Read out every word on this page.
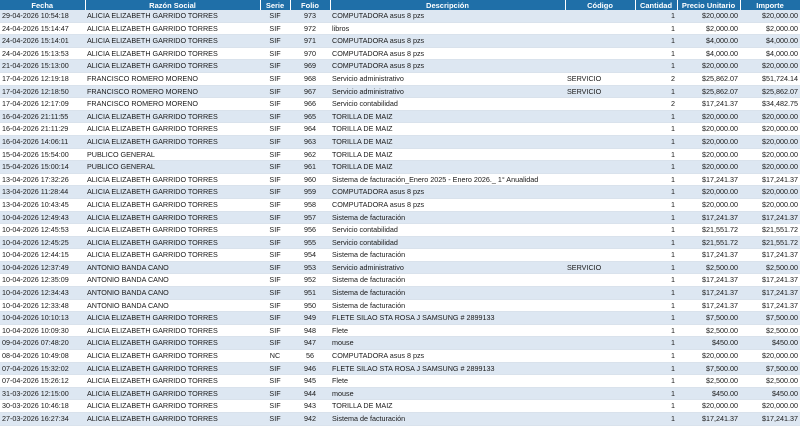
Fecha	Razón Social	Serie	Folio	Descripción	Código	Cantidad	Precio Unitario	Importe
29-04-2026 10:54:18	ALICIA ELIZABETH GARRIDO TORRES	SIF	973	COMPUTADORA asus 8 pzs		1	$20,000.00	$20,000.00
24-04-2026 15:14:47	ALICIA ELIZABETH GARRIDO TORRES	SIF	972	libros		1	$2,000.00	$2,000.00
24-04-2026 15:14:01	ALICIA ELIZABETH GARRIDO TORRES	SIF	971	COMPUTADORA asus 8 pzs		1	$4,000.00	$4,000.00
24-04-2026 15:13:53	ALICIA ELIZABETH GARRIDO TORRES	SIF	970	COMPUTADORA asus 8 pzs		1	$4,000.00	$4,000.00
21-04-2026 15:13:00	ALICIA ELIZABETH GARRIDO TORRES	SIF	969	COMPUTADORA asus 8 pzs		1	$20,000.00	$20,000.00
17-04-2026 12:19:18	FRANCISCO ROMERO MORENO	SIF	968	Servicio administrativo	SERVICIO	2	$25,862.07	$51,724.14
17-04-2026 12:18:50	FRANCISCO ROMERO MORENO	SIF	967	Servicio administrativo	SERVICIO	1	$25,862.07	$25,862.07
17-04-2026 12:17:09	FRANCISCO ROMERO MORENO	SIF	966	Servicio contabilidad		2	$17,241.37	$34,482.75
16-04-2026 21:11:55	ALICIA ELIZABETH GARRIDO TORRES	SIF	965	TORILLA DE MAIZ		1	$20,000.00	$20,000.00
16-04-2026 21:11:29	ALICIA ELIZABETH GARRIDO TORRES	SIF	964	TORILLA DE MAIZ		1	$20,000.00	$20,000.00
16-04-2026 14:06:11	ALICIA ELIZABETH GARRIDO TORRES	SIF	963	TORILLA DE MAIZ		1	$20,000.00	$20,000.00
15-04-2026 15:54:00	PUBLICO GENERAL	SIF	962	TORILLA DE MAIZ		1	$20,000.00	$20,000.00
15-04-2026 15:00:14	PUBLICO GENERAL	SIF	961	TORILLA DE MAIZ		1	$20,000.00	$20,000.00
13-04-2026 17:32:26	ALICIA ELIZABETH GARRIDO TORRES	SIF	960	Sistema de facturación_Enero 2025 - Enero 2026._ 1° Anualidad		1	$17,241.37	$17,241.37
13-04-2026 11:28:44	ALICIA ELIZABETH GARRIDO TORRES	SIF	959	COMPUTADORA asus 8 pzs		1	$20,000.00	$20,000.00
13-04-2026 10:43:45	ALICIA ELIZABETH GARRIDO TORRES	SIF	958	COMPUTADORA asus 8 pzs		1	$20,000.00	$20,000.00
10-04-2026 12:49:43	ALICIA ELIZABETH GARRIDO TORRES	SIF	957	Sistema de facturación		1	$17,241.37	$17,241.37
10-04-2026 12:45:53	ALICIA ELIZABETH GARRIDO TORRES	SIF	956	Servicio contabilidad		1	$21,551.72	$21,551.72
10-04-2026 12:45:25	ALICIA ELIZABETH GARRIDO TORRES	SIF	955	Servicio contabilidad		1	$21,551.72	$21,551.72
10-04-2026 12:44:15	ALICIA ELIZABETH GARRIDO TORRES	SIF	954	Sistema de facturación		1	$17,241.37	$17,241.37
10-04-2026 12:37:49	ANTONIO BANDA CANO	SIF	953	Servicio administrativo	SERVICIO	1	$2,500.00	$2,500.00
10-04-2026 12:35:09	ANTONIO BANDA CANO	SIF	952	Sistema de facturación		1	$17,241.37	$17,241.37
10-04-2026 12:34:43	ANTONIO BANDA CANO	SIF	951	Sistema de facturación		1	$17,241.37	$17,241.37
10-04-2026 12:33:48	ANTONIO BANDA CANO	SIF	950	Sistema de facturación		1	$17,241.37	$17,241.37
10-04-2026 10:10:13	ALICIA ELIZABETH GARRIDO TORRES	SIF	949	FLETE SILAO STA ROSA J SAMSUNG # 2899133		1	$7,500.00	$7,500.00
10-04-2026 10:09:30	ALICIA ELIZABETH GARRIDO TORRES	SIF	948	Flete		1	$2,500.00	$2,500.00
09-04-2026 07:48:20	ALICIA ELIZABETH GARRIDO TORRES	SIF	947	mouse		1	$450.00	$450.00
08-04-2026 10:49:08	ALICIA ELIZABETH GARRIDO TORRES	NC	56	COMPUTADORA asus 8 pzs		1	$20,000.00	$20,000.00
07-04-2026 15:32:02	ALICIA ELIZABETH GARRIDO TORRES	SIF	946	FLETE SILAO STA ROSA J SAMSUNG # 2899133		1	$7,500.00	$7,500.00
07-04-2026 15:26:12	ALICIA ELIZABETH GARRIDO TORRES	SIF	945	Flete		1	$2,500.00	$2,500.00
31-03-2026 12:15:00	ALICIA ELIZABETH GARRIDO TORRES	SIF	944	mouse		1	$450.00	$450.00
30-03-2026 10:46:18	ALICIA ELIZABETH GARRIDO TORRES	SIF	943	TORILLA DE MAIZ		1	$20,000.00	$20,000.00
27-03-2026 16:27:34	ALICIA ELIZABETH GARRIDO TORRES	SIF	942	Sistema de facturación		1	$17,241.37	$17,241.37
